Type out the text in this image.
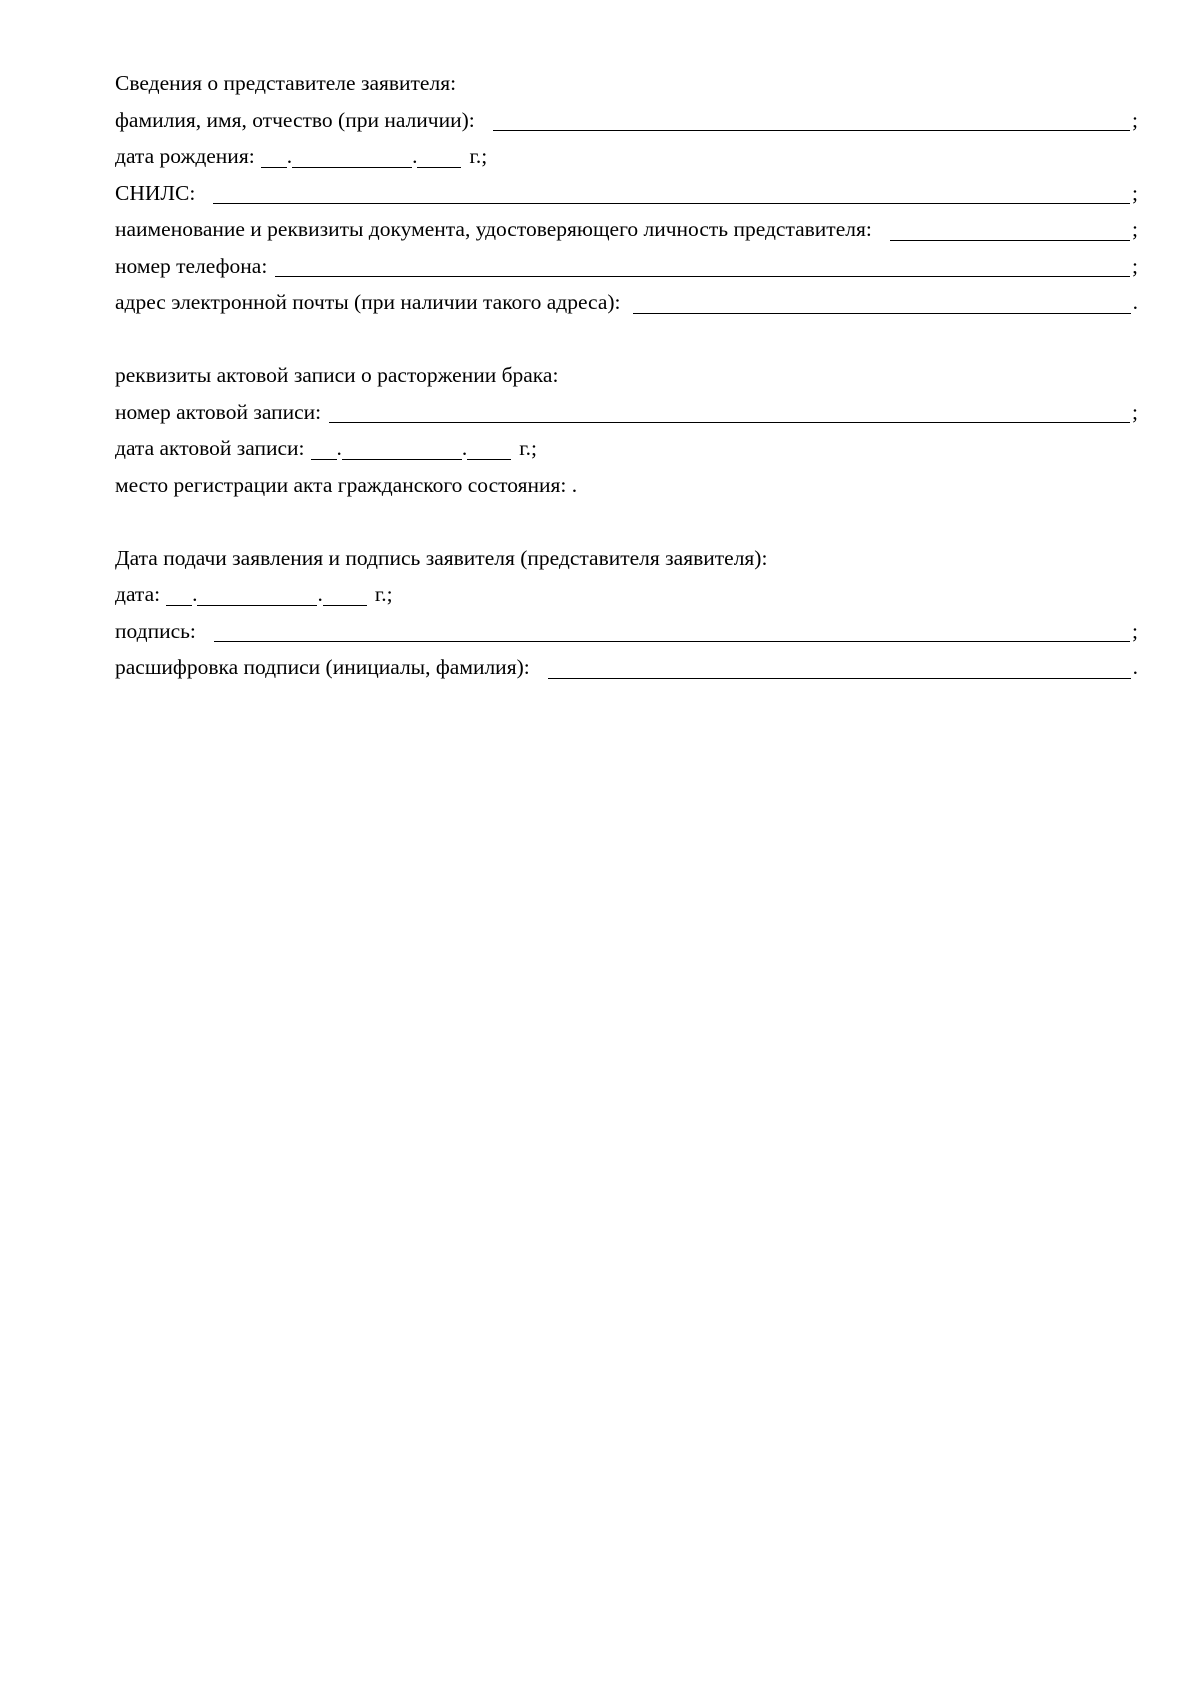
Сведения о представителе заявителя:
фамилия, имя, отчество (при наличии):	;
дата рождения: .	. г.;
СНИЛС:	;
наименование и реквизиты документа, удостоверяющего личность представителя:	;
номер телефона:	;
адрес электронной почты (при наличии такого адреса):	.
реквизиты актовой записи о расторжении брака:
номер актовой записи:	;
дата актовой записи: .	. г.;
место регистрации акта гражданского состояния: .
Дата подачи заявления и подпись заявителя (представителя заявителя):
дата: .	. г.;
подпись:	;
расшифровка подписи (инициалы, фамилия):	.
